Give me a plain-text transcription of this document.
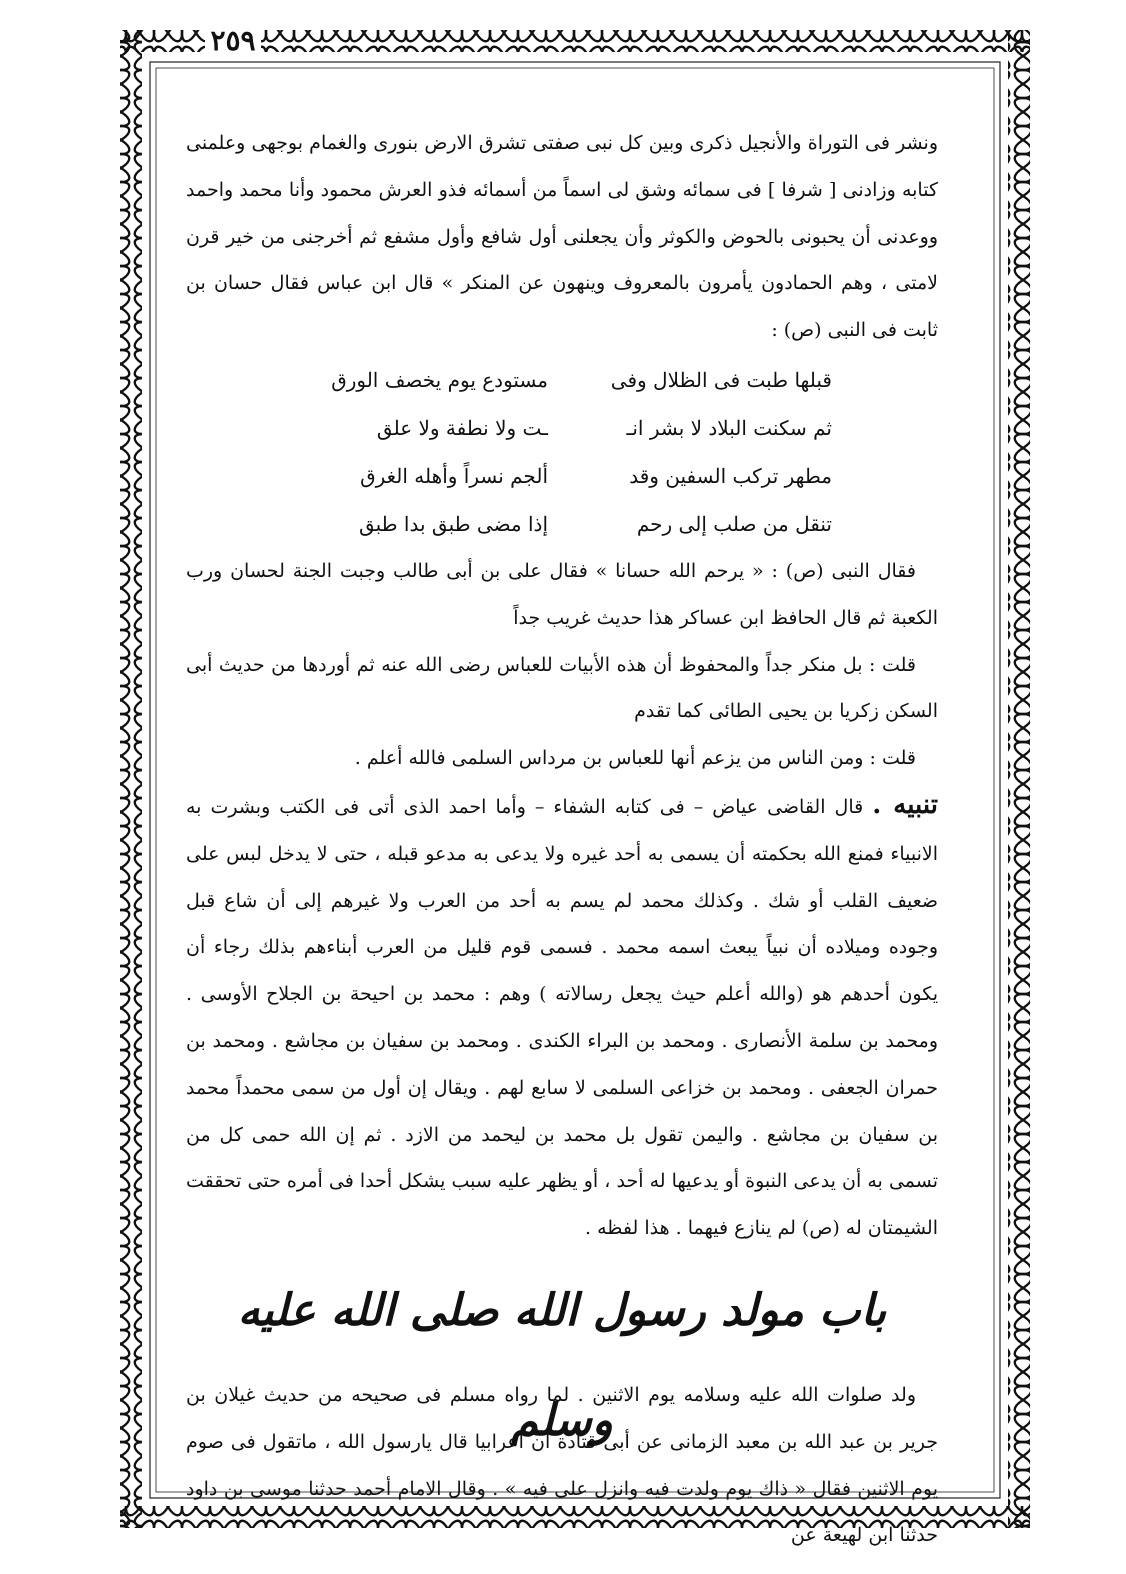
٢٥٩

ونشر فى التوراة والأنجيل ذكرى وبين كل نبى صفتى تشرق الارض بنورى والغمام بوجهى وعلمنى كتابه وزادنى [ شرفا ] فى سمائه وشق لى اسماً من أسمائه فذو العرش محمود وأنا محمد واحمد ووعدنى أن يحبونى بالحوض والكوثر وأن يجعلنى أول شافع وأول مشفع ثم أخرجنى من خير قرن لامتى ، وهم الحمادون يأمرون بالمعروف وينهون عن المنكر » قال ابن عباس فقال حسان بن ثابت فى النبى (ص) :

قبلها طبت فى الظلال وفى
مستودع يوم يخصف الورق
ثم سكنت البلاد لا بشر انـ
ـت ولا نطفة ولا علق
مطهر تركب السفين وقد
ألجم نسراً وأهله الغرق
تنقل من صلب إلى رحم
إذا مضى طبق بدا طبق

فقال النبى (ص) : « يرحم الله حسانا » فقال على بن أبى طالب وجبت الجنة لحسان ورب الكعبة ثم قال الحافظ ابن عساكر هذا حديث غريب جداً

قلت : بل منكر جداً والمحفوظ أن هذه الأبيات للعباس رضى الله عنه ثم أوردها من حديث أبى السكن زكريا بن يحيى الطائى كما تقدم

قلت : ومن الناس من يزعم أنها للعباس بن مرداس السلمى فالله أعلم .

تنبيه . قال القاضى عياض – فى كتابه الشفاء – وأما احمد الذى أتى فى الكتب وبشرت به الانبياء فمنع الله بحكمته أن يسمى به أحد غيره ولا يدعى به مدعو قبله ، حتى لا يدخل لبس على ضعيف القلب أو شك . وكذلك محمد لم يسم به أحد من العرب ولا غيرهم إلى أن شاع قبل وجوده وميلاده أن نبياً يبعث اسمه محمد . فسمى قوم قليل من العرب أبناءهم بذلك رجاء أن يكون أحدهم هو (والله أعلم حيث يجعل رسالاته ) وهم : محمد بن احيحة بن الجلاح الأوسى . ومحمد بن سلمة الأنصارى . ومحمد بن البراء الكندى . ومحمد بن سفيان بن مجاشع . ومحمد بن حمران الجعفى . ومحمد بن خزاعى السلمى لا سابع لهم . ويقال إن أول من سمى محمداً محمد بن سفيان بن مجاشع . واليمن تقول بل محمد بن ليحمد من الازد . ثم إن الله حمى كل من تسمى به أن يدعى النبوة أو يدعيها له أحد ، أو يظهر عليه سبب يشكل أحدا فى أمره حتى تحققت الشيمتان له (ص) لم ينازع فيهما . هذا لفظه .

باب مولد رسول الله صلى الله عليه وسلم

ولد صلوات الله عليه وسلامه يوم الاثنين . لما رواه مسلم فى صحيحه من حديث غيلان بن جرير بن عبد الله بن معبد الزمانى عن أبى قتادة أن اعرابيا قال يارسول الله ، ماتقول فى صوم يوم الاثنين فقال « ذاك يوم ولدت فيه وانزل على فيه » . وقال الامام أحمد حدثنا موسى بن داود حدثنا ابن لهيعة عن
